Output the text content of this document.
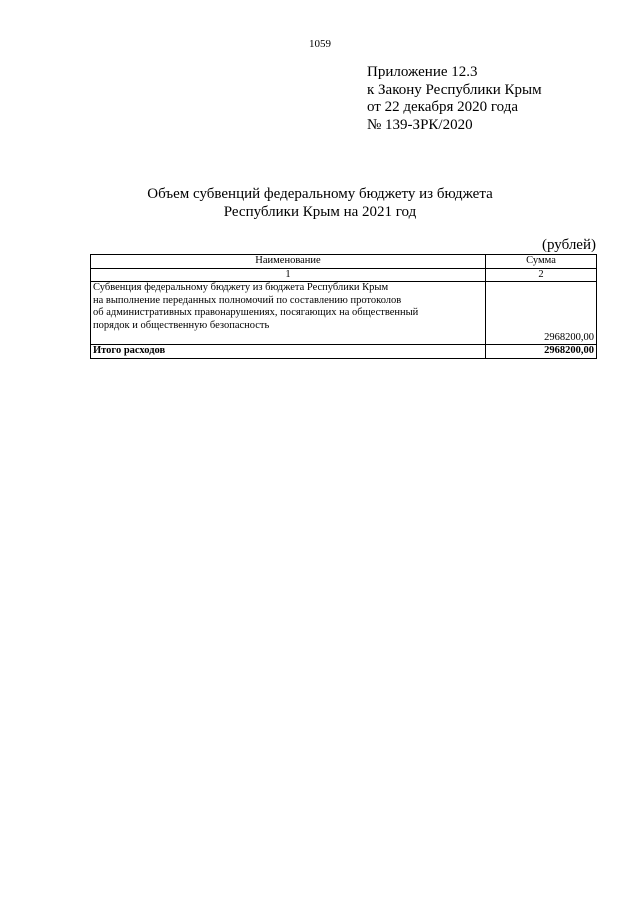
1059
Приложение 12.3
к Закону Республики Крым
от 22 декабря 2020 года
№ 139-ЗРК/2020
Объем субвенций федеральному бюджету из бюджета
Республики Крым на 2021 год
(рублей)
Наименование	Сумма
1	2

Субвенция федеральному бюджету из бюджета Республики Крым
на выполнение переданных полномочий по составлению протоколов
об административных правонарушениях, посягающих на общественный
порядок и общественную безопасность	2968200,00
Итого расходов	2968200,00
